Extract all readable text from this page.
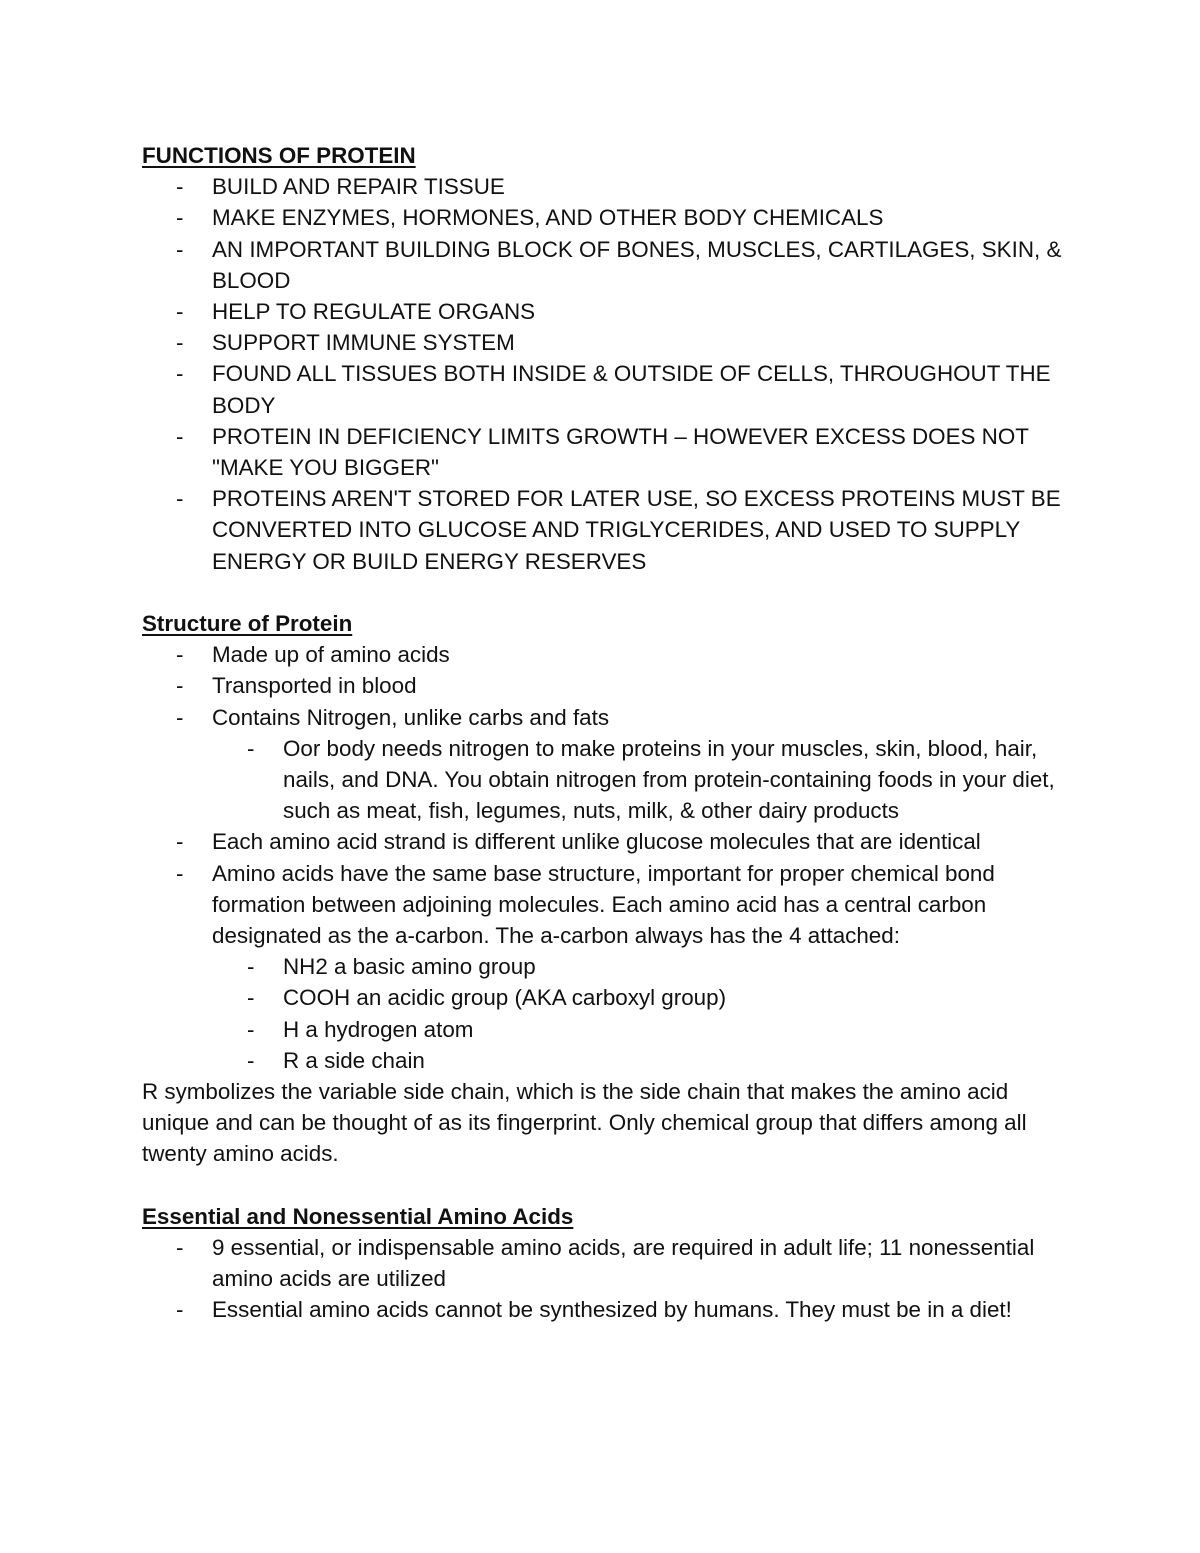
FUNCTIONS OF PROTEIN

- BUILD AND REPAIR TISSUE
- MAKE ENZYMES, HORMONES, AND OTHER BODY CHEMICALS
- AN IMPORTANT BUILDING BLOCK OF BONES, MUSCLES, CARTILAGES, SKIN, & BLOOD
- HELP TO REGULATE ORGANS
- SUPPORT IMMUNE SYSTEM
- FOUND ALL TISSUES BOTH INSIDE & OUTSIDE OF CELLS, THROUGHOUT THE BODY
- PROTEIN IN DEFICIENCY LIMITS GROWTH – HOWEVER EXCESS DOES NOT "MAKE YOU BIGGER"
- PROTEINS AREN'T STORED FOR LATER USE, SO EXCESS PROTEINS MUST BE CONVERTED INTO GLUCOSE AND TRIGLYCERIDES, AND USED TO SUPPLY ENERGY OR BUILD ENERGY RESERVES

Structure of Protein

- Made up of amino acids
- Transported in blood
- Contains Nitrogen, unlike carbs and fats
- Oor body needs nitrogen to make proteins in your muscles, skin, blood, hair, nails, and DNA. You obtain nitrogen from protein-containing foods in your diet, such as meat, fish, legumes, nuts, milk, & other dairy products
- Each amino acid strand is different unlike glucose molecules that are identical
- Amino acids have the same base structure, important for proper chemical bond formation between adjoining molecules. Each amino acid has a central carbon designated as the a-carbon. The a-carbon always has the 4 attached:
- NH2 a basic amino group
- COOH an acidic group (AKA carboxyl group)
- H a hydrogen atom
- R a side chain

R symbolizes the variable side chain, which is the side chain that makes the amino acid unique and can be thought of as its fingerprint. Only chemical group that differs among all twenty amino acids.

Essential and Nonessential Amino Acids

- 9 essential, or indispensable amino acids, are required in adult life; 11 nonessential amino acids are utilized
- Essential amino acids cannot be synthesized by humans. They must be in a diet!
